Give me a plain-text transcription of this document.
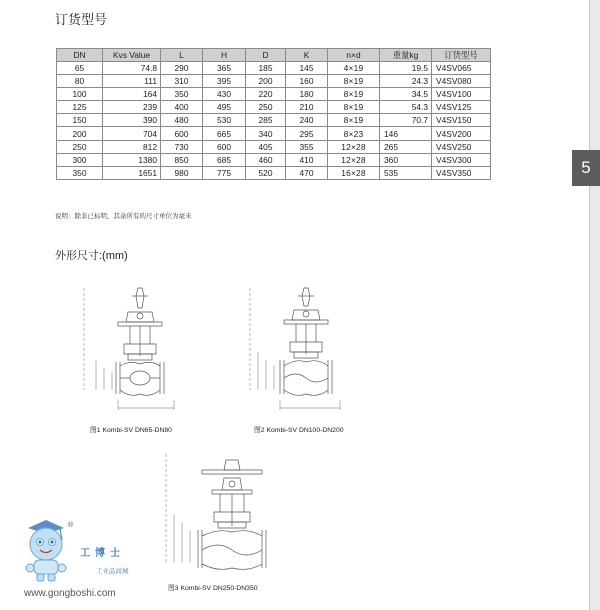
5
订货型号
DN	Kvs Value	L	H	D	K	n×d	重量kg	订货型号
65	74.8	290	365	185	145	4×19	19.5	V4SV065
80	111	310	395	200	160	8×19	24.3	V4SV080
100	164	350	430	220	180	8×19	34.5	V4SV100
125	239	400	495	250	210	8×19	54.3	V4SV125
150	390	480	530	285	240	8×19	70.7	V4SV150
200	704	600	665	340	295	8×23	146	V4SV200
250	812	730	600	405	355	12×28	265	V4SV250
300	1380	850	685	460	410	12×28	360	V4SV300
350	1651	980	775	520	470	16×28	535	V4SV350
说明：除非已标明，其余所有的尺寸单位为毫米
外形尺寸:(mm)
图1 Kombi-SV DN65-DN80	图2 Kombi-SV DN100-DN200
图3 Kombi-SV DN250-DN350
®
工博士
工业品商城
www.gongboshi.com
